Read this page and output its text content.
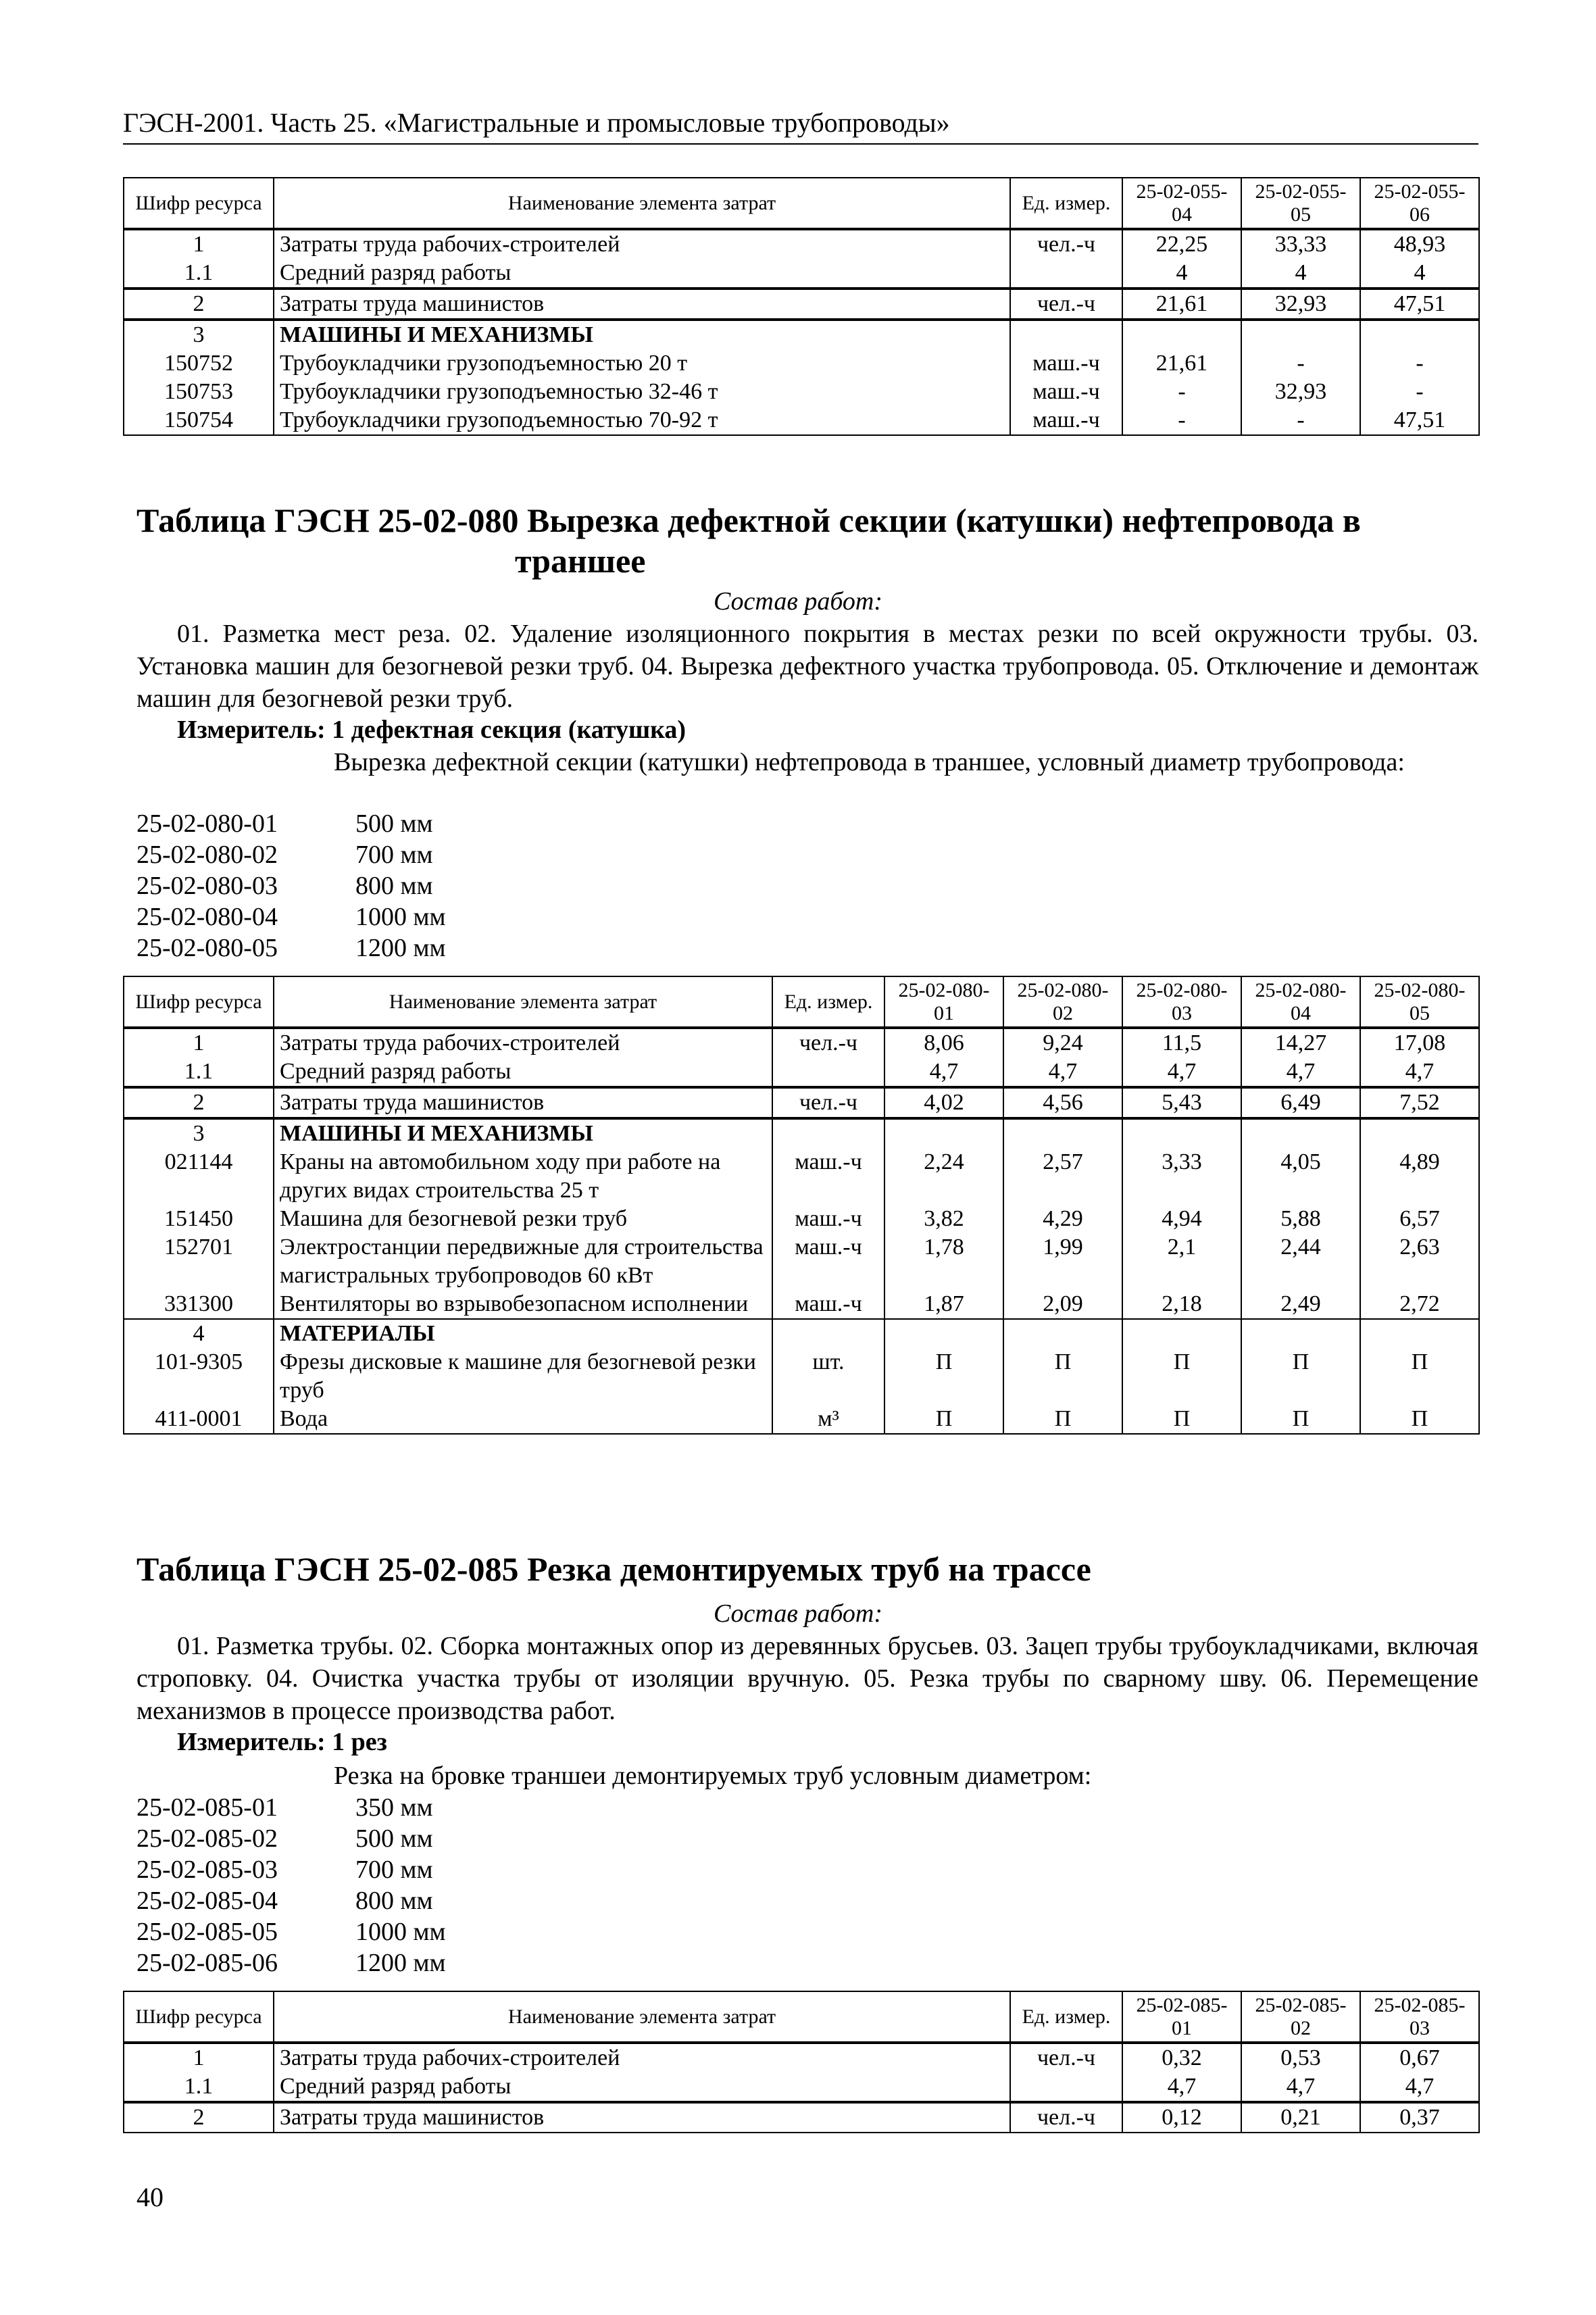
ГЭСН-2001. Часть 25. «Магистральные и промысловые трубопроводы»
Шифр ресурса	Наименование элемента затрат	Ед. измер.	25-02-055-04	25-02-055-05	25-02-055-06
1	Затраты труда рабочих-строителей	чел.-ч	22,25	33,33	48,93
1.1	Средний разряд работы		4	4	4
2	Затраты труда машинистов	чел.-ч	21,61	32,93	47,51
3	МАШИНЫ И МЕХАНИЗМЫ				
150752	Трубоукладчики грузоподъемностью 20 т	маш.-ч	21,61	-	-
150753	Трубоукладчики грузоподъемностью 32-46 т	маш.-ч	-	32,93	-
150754	Трубоукладчики грузоподъемностью 70-92 т	маш.-ч	-	-	47,51
Таблица ГЭСН 25-02-080 Вырезка дефектной секции (катушки) нефтепровода в
траншее
Состав работ:
01. Разметка мест реза. 02. Удаление изоляционного покрытия в местах резки по всей окружности трубы. 03. Установка машин для безогневой резки труб. 04. Вырезка дефектного участка трубопровода. 05. Отключение и демонтаж машин для безогневой резки труб.
Измеритель: 1 дефектная секция (катушка)
Вырезка дефектной секции (катушки) нефтепровода в траншее, условный диаметр трубопровода:
25-02-080-01	500 мм
25-02-080-02	700 мм
25-02-080-03	800 мм
25-02-080-04	1000 мм
25-02-080-05	1200 мм
Шифр ресурса	Наименование элемента затрат	Ед. измер.	25-02-080-01	25-02-080-02	25-02-080-03	25-02-080-04	25-02-080-05
1	Затраты труда рабочих-строителей	чел.-ч	8,06	9,24	11,5	14,27	17,08
1.1	Средний разряд работы		4,7	4,7	4,7	4,7	4,7
2	Затраты труда машинистов	чел.-ч	4,02	4,56	5,43	6,49	7,52
3	МАШИНЫ И МЕХАНИЗМЫ						
021144	Краны на автомобильном ходу при работе на других видах строительства 25 т	маш.-ч	2,24	2,57	3,33	4,05	4,89
151450	Машина для безогневой резки труб	маш.-ч	3,82	4,29	4,94	5,88	6,57
152701	Электростанции передвижные для строительства магистральных трубопроводов 60 кВт	маш.-ч	1,78	1,99	2,1	2,44	2,63
331300	Вентиляторы во взрывобезопасном исполнении	маш.-ч	1,87	2,09	2,18	2,49	2,72
4	МАТЕРИАЛЫ						
101-9305	Фрезы дисковые к машине для безогневой резки труб	шт.	П	П	П	П	П
411-0001	Вода	м³	П	П	П	П	П
Таблица ГЭСН 25-02-085 Резка демонтируемых труб на трассе
Состав работ:
01. Разметка трубы. 02. Сборка монтажных опор из деревянных брусьев. 03. Зацеп трубы трубоукладчиками, включая строповку. 04. Очистка участка трубы от изоляции вручную. 05. Резка трубы по сварному шву. 06. Перемещение механизмов в процессе производства работ.
Измеритель: 1 рез
Резка на бровке траншеи демонтируемых труб условным диаметром:
25-02-085-01	350 мм
25-02-085-02	500 мм
25-02-085-03	700 мм
25-02-085-04	800 мм
25-02-085-05	1000 мм
25-02-085-06	1200 мм
Шифр ресурса	Наименование элемента затрат	Ед. измер.	25-02-085-01	25-02-085-02	25-02-085-03
1	Затраты труда рабочих-строителей	чел.-ч	0,32	0,53	0,67
1.1	Средний разряд работы		4,7	4,7	4,7
2	Затраты труда машинистов	чел.-ч	0,12	0,21	0,37
40
